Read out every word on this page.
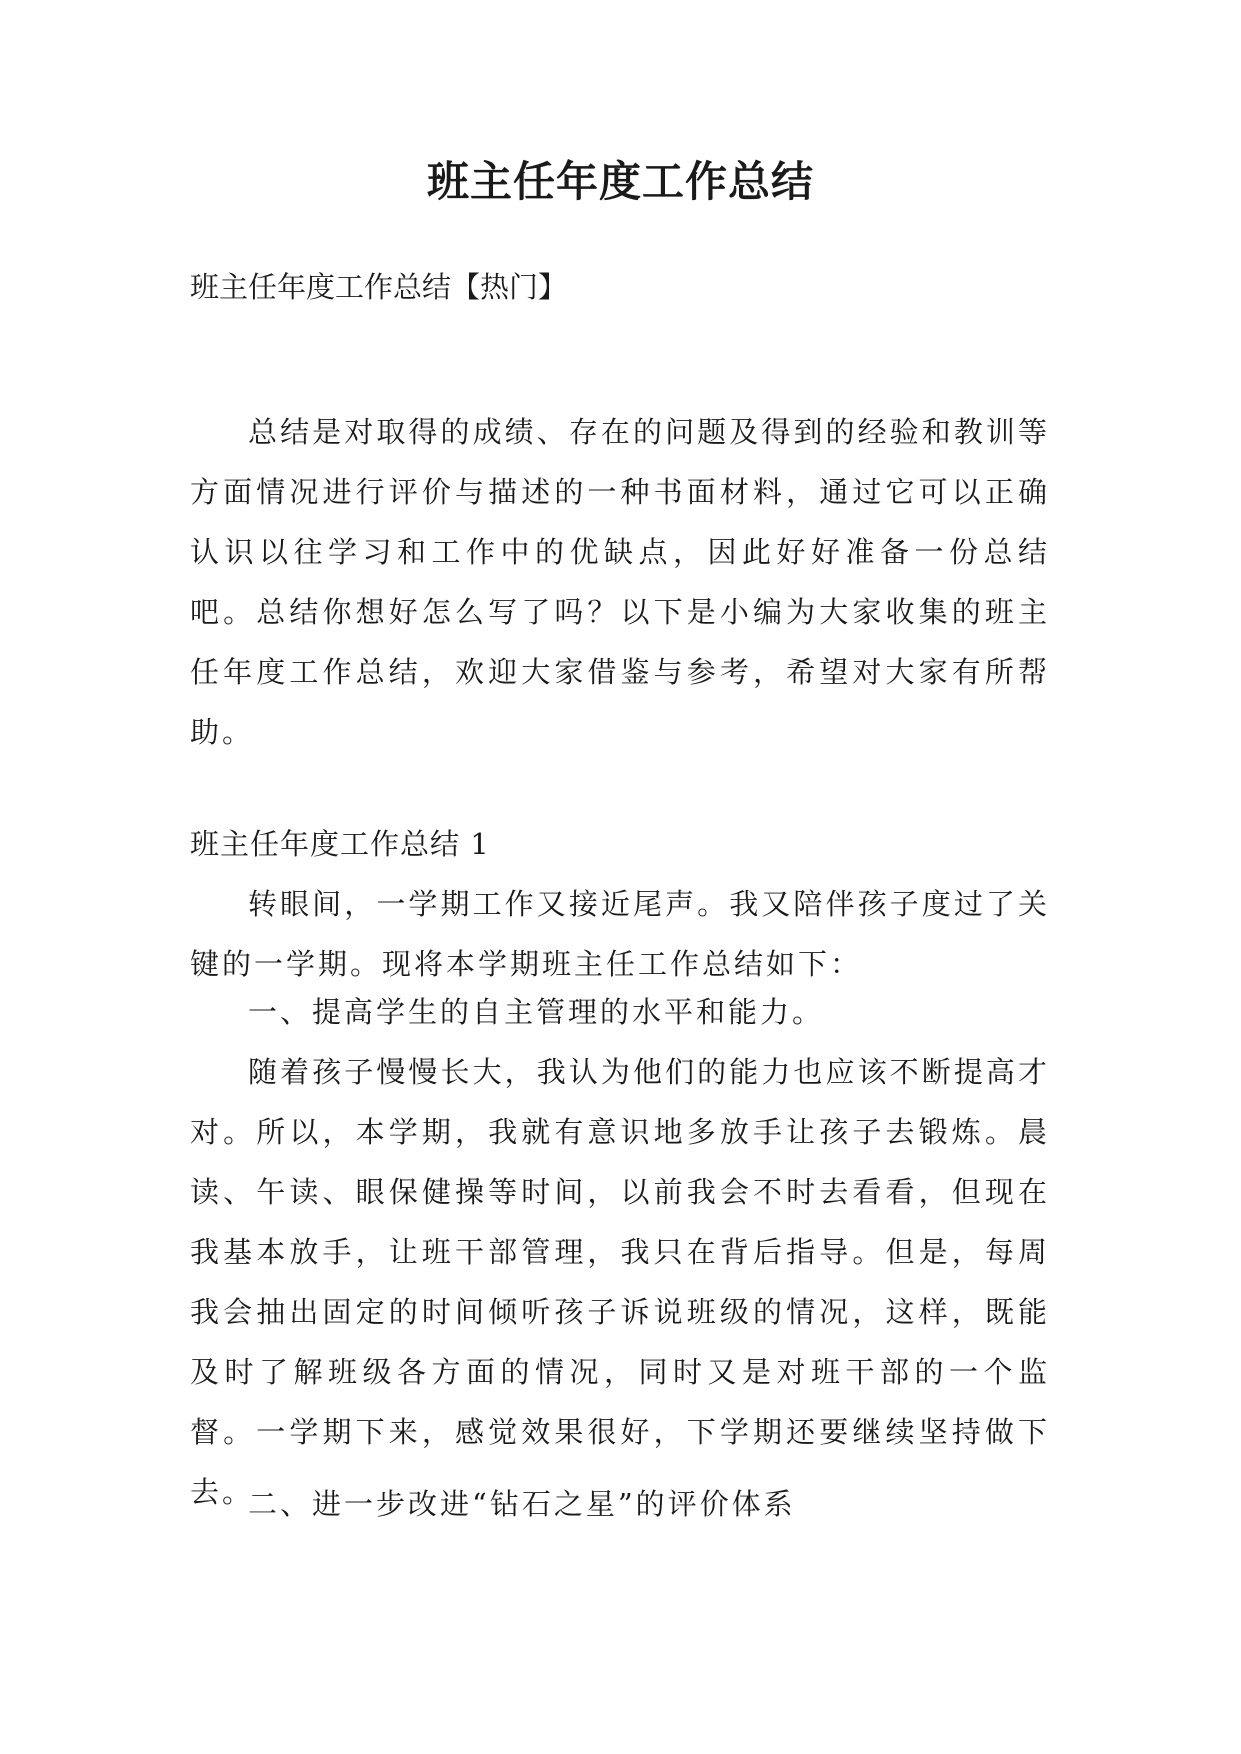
班主任年度工作总结

班主任年度工作总结【热门】

总结是对取得的成绩、存在的问题及得到的经验和教训等方面情况进行评价与描述的一种书面材料，通过它可以正确认识以往学习和工作中的优缺点，因此好好准备一份总结吧。总结你想好怎么写了吗？以下是小编为大家收集的班主任年度工作总结，欢迎大家借鉴与参考，希望对大家有所帮助。

班主任年度工作总结 1

转眼间，一学期工作又接近尾声。我又陪伴孩子度过了关键的一学期。现将本学期班主任工作总结如下：

一、提高学生的自主管理的水平和能力。

随着孩子慢慢长大，我认为他们的能力也应该不断提高才对。所以，本学期，我就有意识地多放手让孩子去锻炼。晨读、午读、眼保健操等时间，以前我会不时去看看，但现在我基本放手，让班干部管理，我只在背后指导。但是，每周我会抽出固定的时间倾听孩子诉说班级的情况，这样，既能及时了解班级各方面的情况，同时又是对班干部的一个监督。一学期下来，感觉效果很好，下学期还要继续坚持做下去。

二、进一步改进“钻石之星”的评价体系
